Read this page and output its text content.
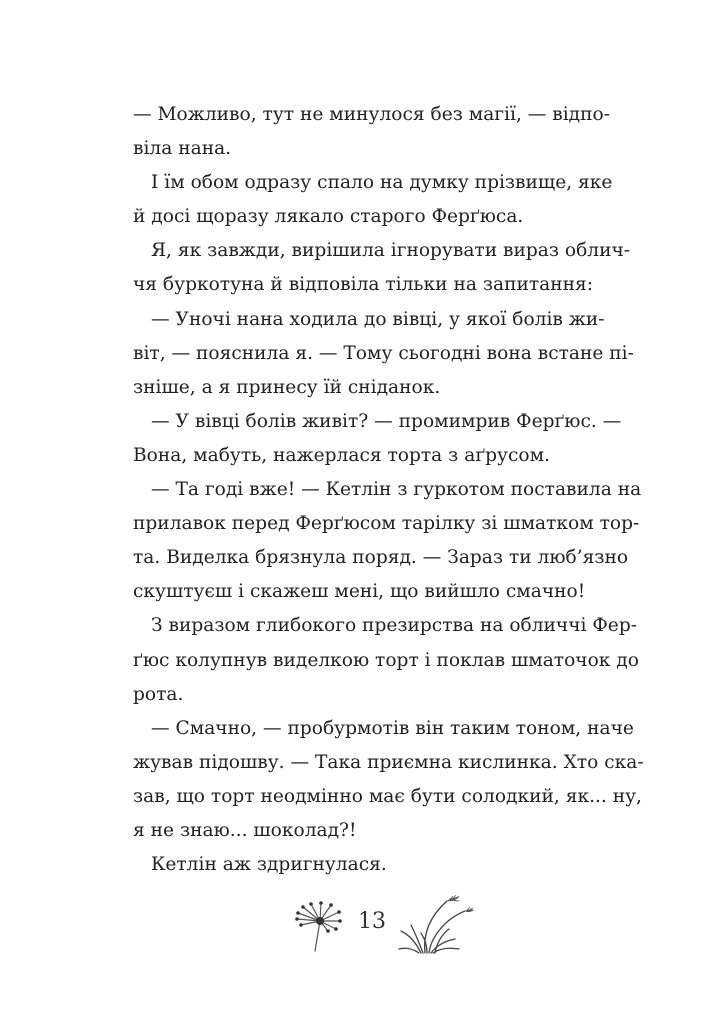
— Можливо, тут не минулося без магії, — відпо-
віла нана.
І їм обом одразу спало на думку прізвище, яке
й досі щоразу лякало старого Ферґюса.
Я, як завжди, вирішила ігнорувати вираз облич-
чя буркотуна й відповіла тільки на запитання:
— Уночі нана ходила до вівці, у якої болів жи-
віт, — пояснила я. — Тому сьогодні вона встане пі-
зніше, а я принесу їй сніданок.
— У вівці болів живіт? — промимрив Ферґюс. —
Вона, мабуть, нажерлася торта з аґрусом.
— Та годі вже! — Кетлін з гуркотом поставила на
прилавок перед Ферґюсом тарілку зі шматком тор-
та. Виделка брязнула поряд. — Зараз ти люб’язно
скуштуєш і скажеш мені, що вийшло смачно!
З виразом глибокого презирства на обличчі Фер-
ґюс колупнув виделкою торт і поклав шматочок до
рота.
— Смачно, — пробурмотів він таким тоном, наче
жував підошву. — Така приємна кислинка. Хто ска-
зав, що торт неодмінно має бути солодкий, як... ну,
я не знаю... шоколад?!
Кетлін аж здригнулася.
13
